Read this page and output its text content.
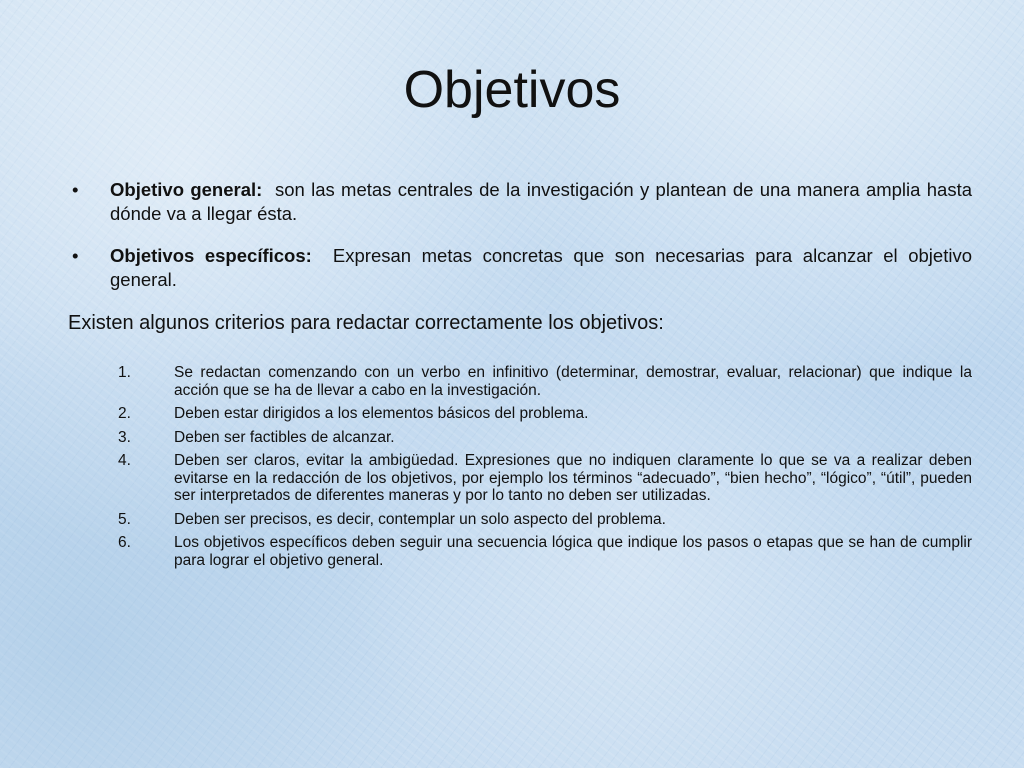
Objetivos
• Objetivo general: son las metas centrales de la investigación y plantean de una manera amplia hasta dónde va a llegar ésta.
• Objetivos específicos: Expresan metas concretas que son necesarias para alcanzar el objetivo general.

Existen algunos criterios para redactar correctamente los objetivos:

1.	Se redactan comenzando con un verbo en infinitivo (determinar, demostrar, evaluar, relacionar) que indique la acción que se ha de llevar a cabo en la investigación.
2.	Deben estar dirigidos a los elementos básicos del problema.
3.	Deben ser factibles de alcanzar.
4.	Deben ser claros, evitar la ambigüedad. Expresiones que no indiquen claramente lo que se va a realizar deben evitarse en la redacción de los objetivos, por ejemplo los términos “adecuado”, “bien hecho”, “lógico”, “útil”, pueden ser interpretados de diferentes maneras y por lo tanto no deben ser utilizadas.
5.	Deben ser precisos, es decir, contemplar un solo aspecto del problema.
6.	Los objetivos específicos deben seguir una secuencia lógica que indique los pasos o etapas que se han de cumplir para lograr el objetivo general.
